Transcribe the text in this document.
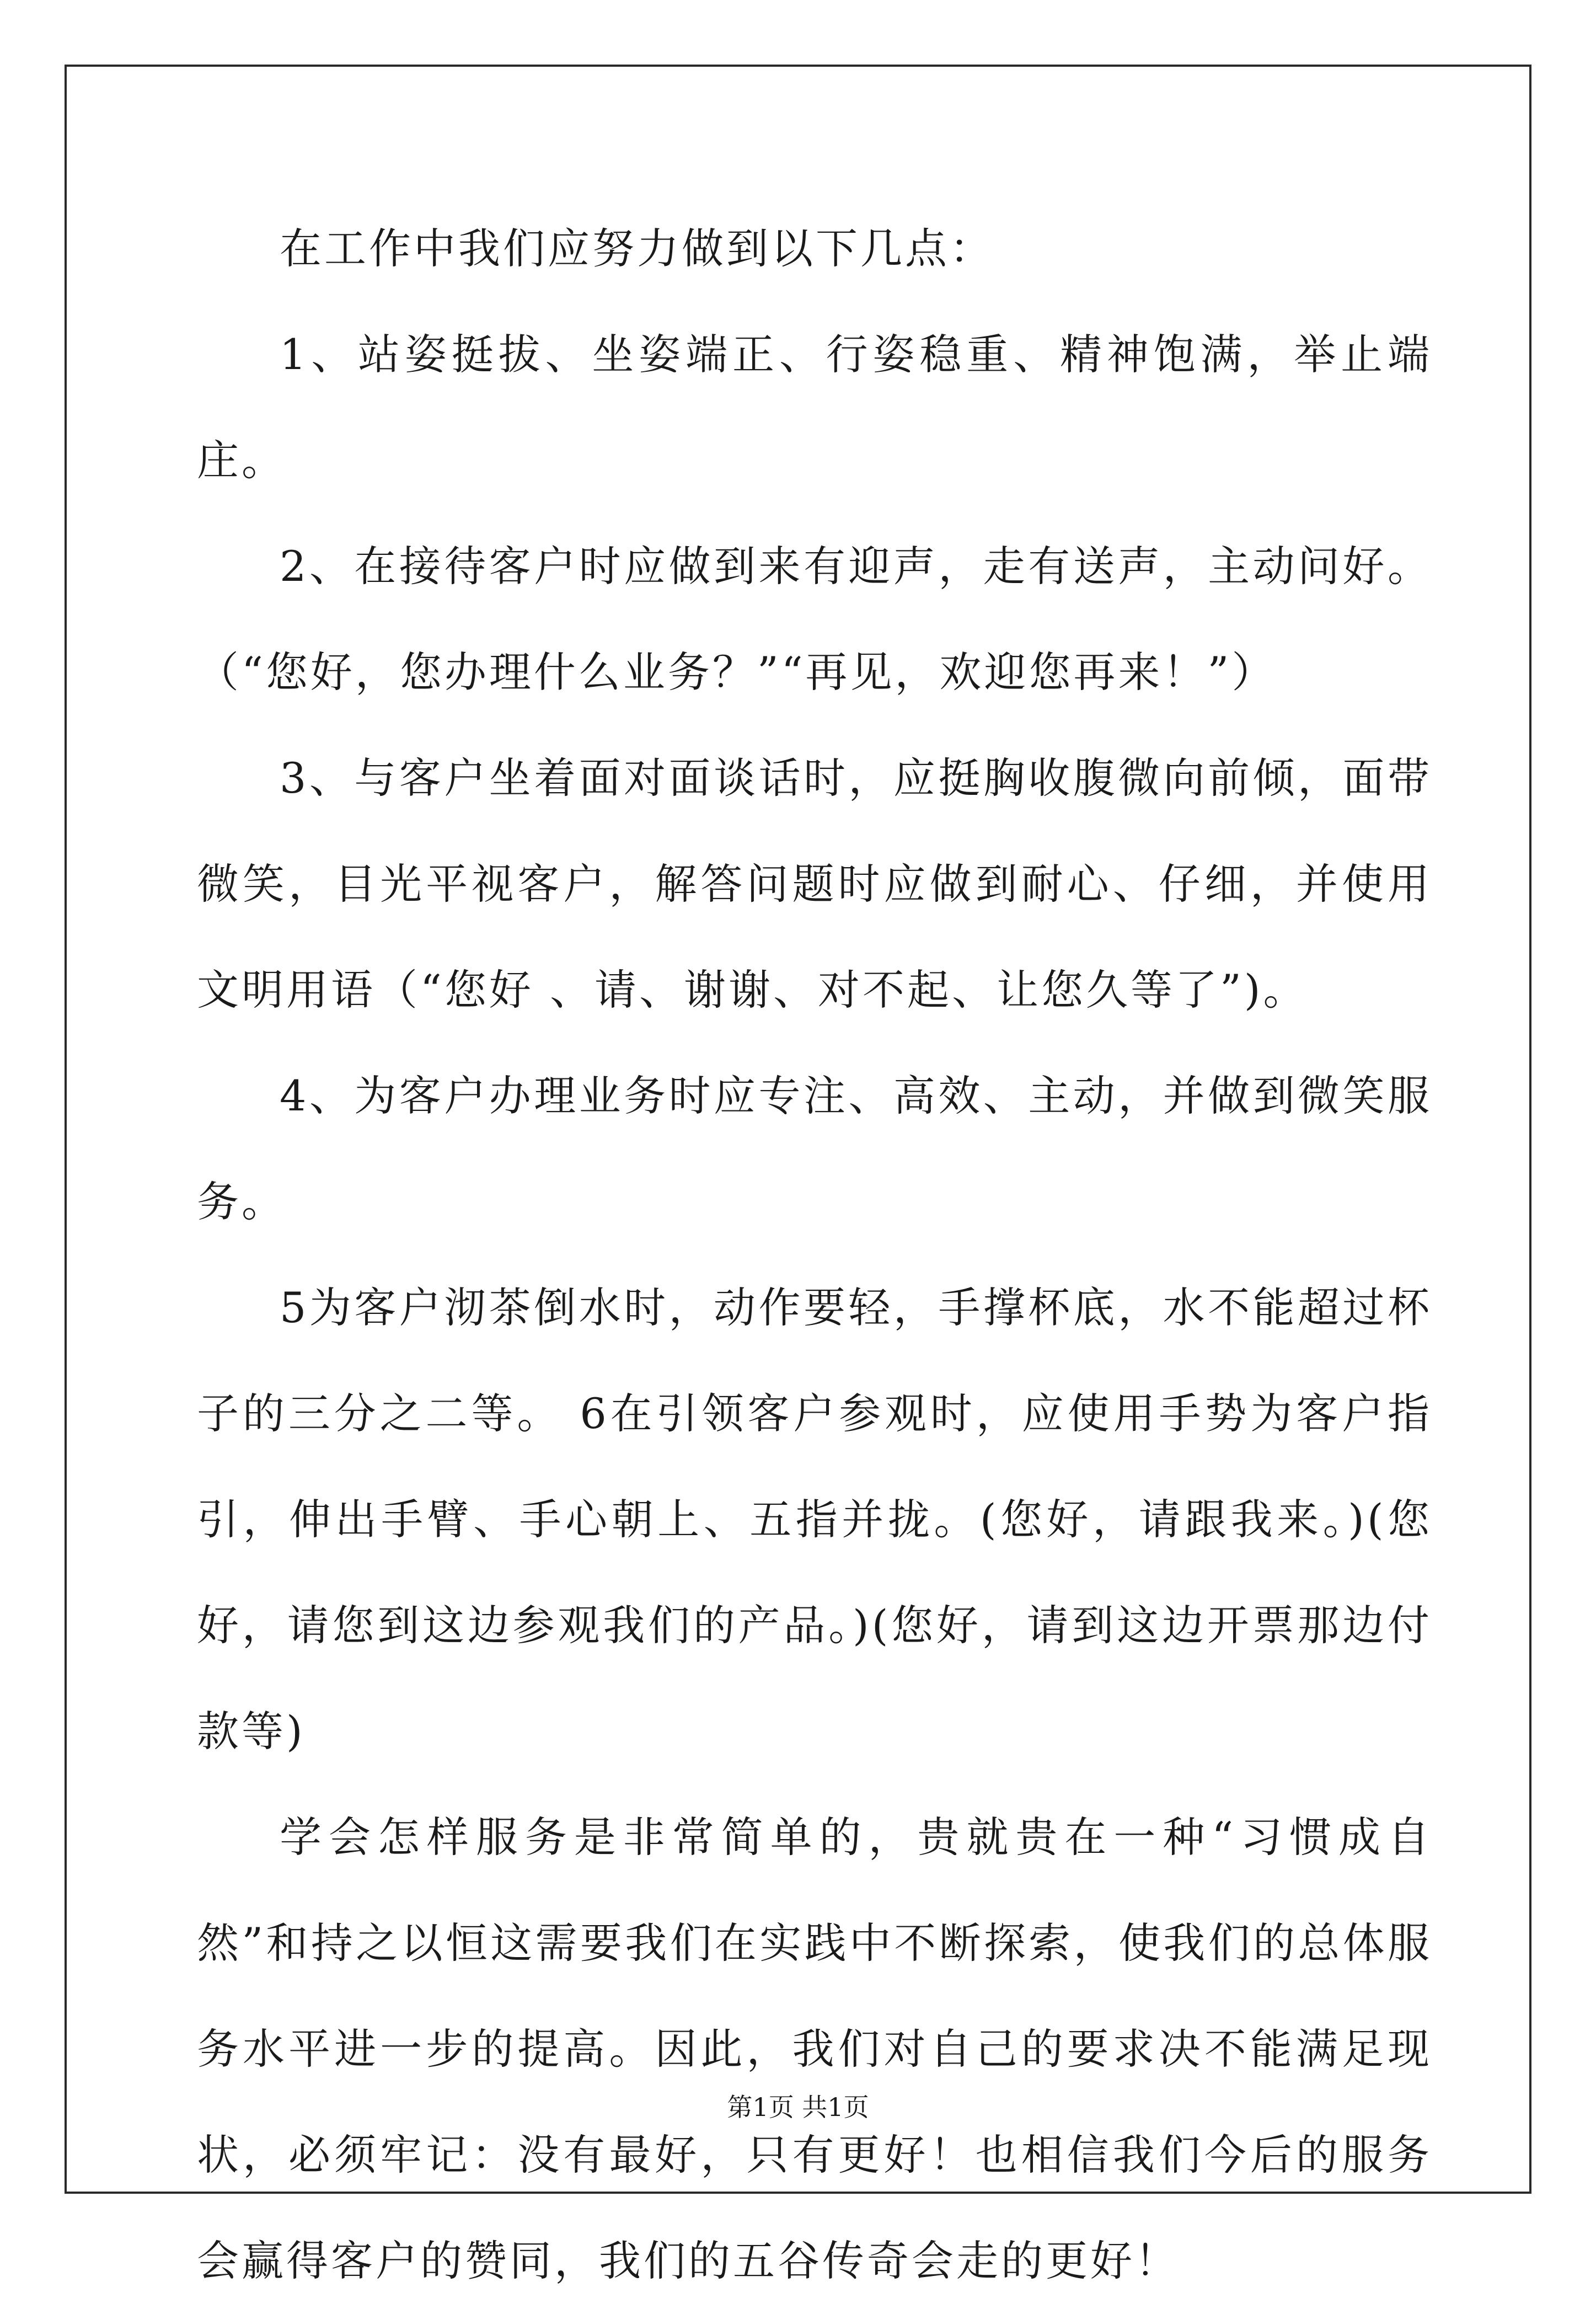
在工作中我们应努力做到以下几点：

1、站姿挺拔、坐姿端正、行姿稳重、精神饱满，举止端庄。

2、在接待客户时应做到来有迎声，走有送声，主动问好。（“您好，您办理什么业务？”“再见，欢迎您再来！”）

3、与客户坐着面对面谈话时，应挺胸收腹微向前倾，面带微笑，目光平视客户，解答问题时应做到耐心、仔细，并使用文明用语（“您好 、请、谢谢、对不起、让您久等了”)。

4、为客户办理业务时应专注、高效、主动，并做到微笑服务。

5为客户沏茶倒水时，动作要轻，手撑杯底，水不能超过杯子的三分之二等。 6在引领客户参观时，应使用手势为客户指引，伸出手臂、手心朝上、五指并拢。(您好，请跟我来。)(您好，请您到这边参观我们的产品。)(您好，请到这边开票那边付款等)

学会怎样服务是非常简单的，贵就贵在一种“习惯成自然”和持之以恒这需要我们在实践中不断探索，使我们的总体服务水平进一步的提高。因此，我们对自己的要求决不能满足现状，必须牢记：没有最好，只有更好！也相信我们今后的服务会赢得客户的赞同，我们的五谷传奇会走的更好！

第1页 共1页
